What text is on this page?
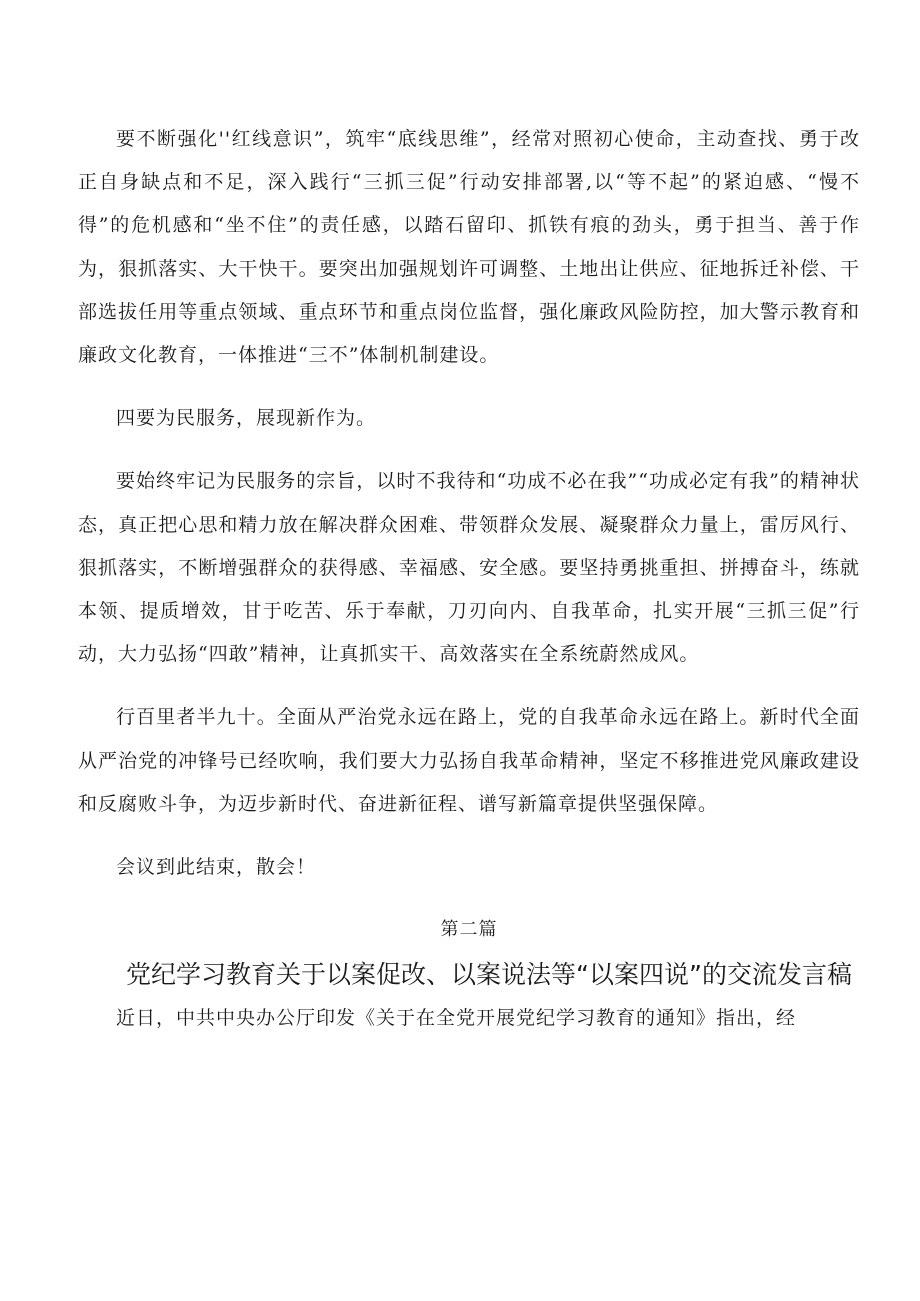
要不断强化''红线意识”，筑牢“底线思维”，经常对照初心使命，主动查找、勇于改正自身缺点和不足，深入践行“三抓三促”行动安排部署,以“等不起”的紧迫感、“慢不得”的危机感和“坐不住”的责任感，以踏石留印、抓铁有痕的劲头，勇于担当、善于作为，狠抓落实、大干快干。要突出加强规划许可调整、土地出让供应、征地拆迁补偿、干部选拔任用等重点领域、重点环节和重点岗位监督，强化廉政风险防控，加大警示教育和廉政文化教育，一体推进“三不”体制机制建设。

四要为民服务，展现新作为。

要始终牢记为民服务的宗旨，以时不我待和“功成不必在我”“功成必定有我”的精神状态，真正把心思和精力放在解决群众困难、带领群众发展、凝聚群众力量上，雷厉风行、狠抓落实，不断增强群众的获得感、幸福感、安全感。要坚持勇挑重担、拼搏奋斗，练就本领、提质增效，甘于吃苦、乐于奉献，刀刃向内、自我革命，扎实开展“三抓三促”行动，大力弘扬“四敢”精神，让真抓实干、高效落实在全系统蔚然成风。

行百里者半九十。全面从严治党永远在路上，党的自我革命永远在路上。新时代全面从严治党的冲锋号已经吹响，我们要大力弘扬自我革命精神，坚定不移推进党风廉政建设和反腐败斗争，为迈步新时代、奋进新征程、谱写新篇章提供坚强保障。

会议到此结束，散会！

第二篇
党纪学习教育关于以案促改、以案说法等“以案四说”的交流发言稿

近日，中共中央办公厅印发《关于在全党开展党纪学习教育的通知》指出，经
